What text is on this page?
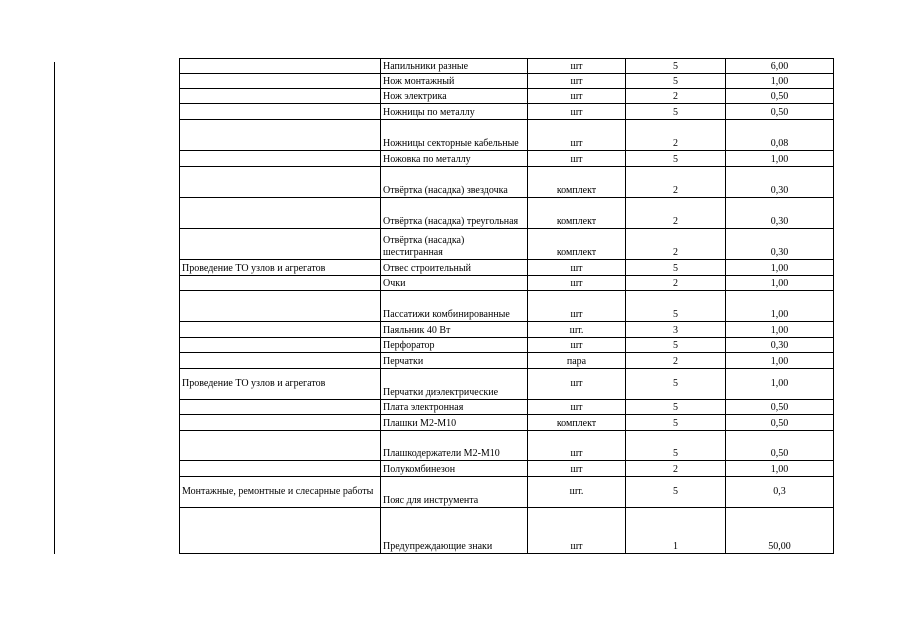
	Напильники разные	шт	5	6,00
	Нож монтажный	шт	5	1,00
	Нож электрика	шт	2	0,50
	Ножницы по металлу	шт	5	0,50
	Ножницы секторные кабельные	шт	2	0,08
	Ножовка по металлу	шт	5	1,00
	Отвёртка (насадка) звездочка	комплект	2	0,30
	Отвёртка (насадка) треугольная	комплект	2	0,30
	Отвёртка (насадка) шестигранная	комплект	2	0,30
Проведение ТО узлов и агрегатов	Отвес строительный	шт	5	1,00
	Очки	шт	2	1,00
	Пассатижи комбинированные	шт	5	1,00
	Паяльник 40 Вт	шт.	3	1,00
	Перфоратор	шт	5	0,30
	Перчатки	пара	2	1,00
Проведение ТО узлов и агрегатов	Перчатки диэлектрические	шт	5	1,00
	Плата электронная	шт	5	0,50
	Плашки М2-М10	комплект	5	0,50
	Плашкодержатели М2-М10	шт	5	0,50
	Полукомбинезон	шт	2	1,00
Монтажные, ремонтные и слесарные работы	Пояс для инструмента	шт.	5	0,3
	Предупреждающие знаки	шт	1	50,00
